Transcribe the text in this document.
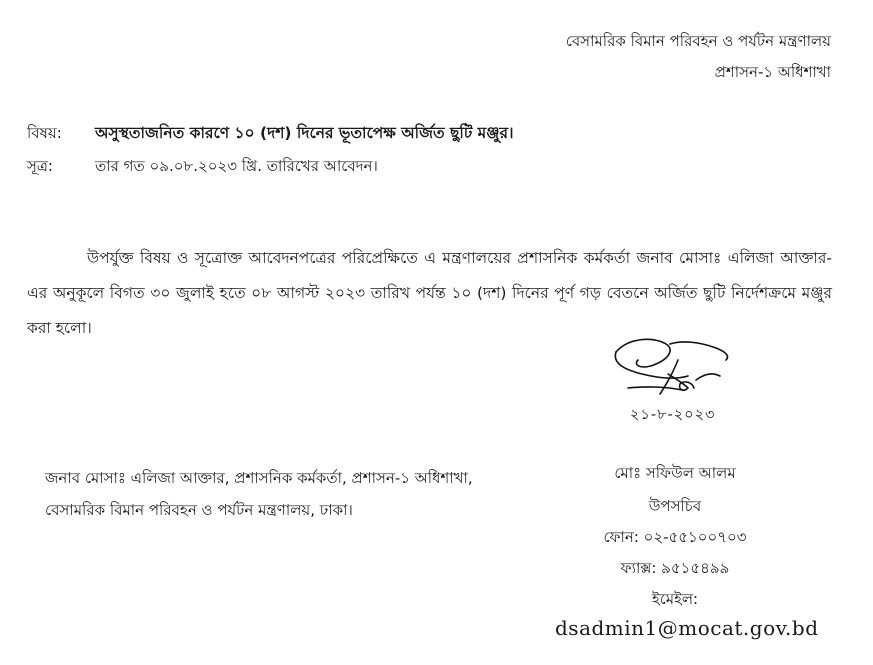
বেসামরিক বিমান পরিবহন ও পর্যটন মন্ত্রণালয়
প্রশাসন-১ অধিশাখা
বিষয়: অসুস্থতাজনিত কারণে ১০ (দশ) দিনের ভূতাপেক্ষ অর্জিত ছুটি মঞ্জুর।
সূত্র:	তার গত ০৯.০৮.২০২৩ খ্রি. তারিখের আবেদন।
উপর্যুক্ত বিষয় ও সূত্রোক্ত আবেদনপত্রের পরিপ্রেক্ষিতে এ মন্ত্রণালয়ের প্রশাসনিক কর্মকর্তা জনাব মোসাঃ এলিজা আক্তার-এর অনুকূলে বিগত ৩০ জুলাই হতে ০৮ আগস্ট ২০২৩ তারিখ পর্যন্ত ১০ (দশ) দিনের পূর্ণ গড় বেতনে অর্জিত ছুটি নির্দেশক্রমে মঞ্জুর করা হলো।
২১-৮-২০২৩
জনাব মোসাঃ এলিজা আক্তার, প্রশাসনিক কর্মকর্তা, প্রশাসন-১ অধিশাখা, বেসামরিক বিমান পরিবহন ও পর্যটন মন্ত্রণালয়, ঢাকা।
মোঃ সফিউল আলম
উপসচিব
ফোন: ০২-৫৫১০০৭০৩
ফ্যাক্স: ৯৫১৫৪৯৯
ইমেইল:
dsadmin1@mocat.gov.bd
